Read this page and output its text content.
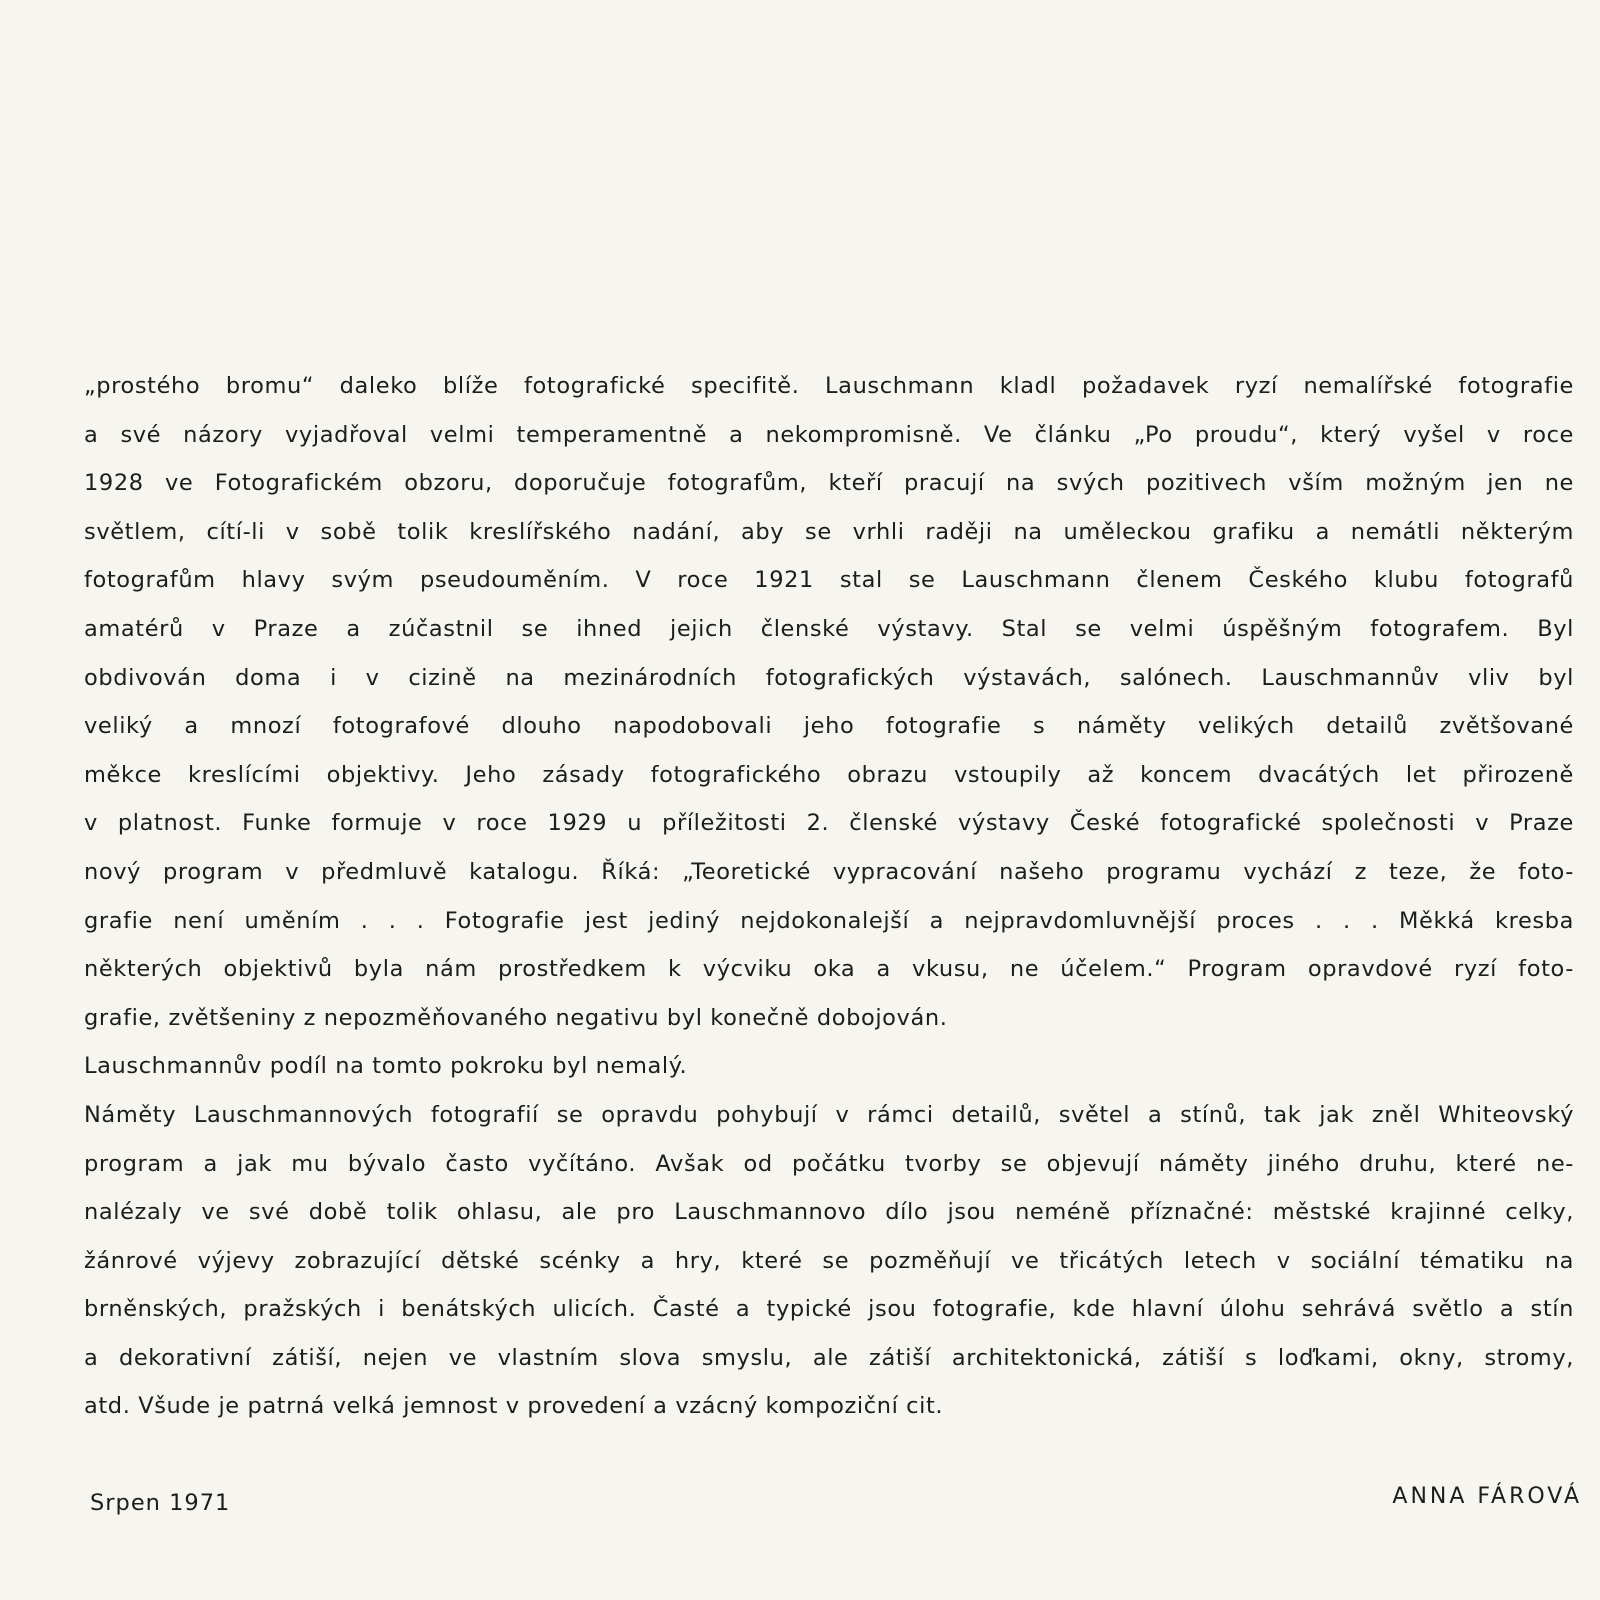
„prostého bromu“ daleko blíže fotografické specifitě. Lauschmann kladl požadavek ryzí nemalířské fotografie
a své názory vyjadřoval velmi temperamentně a nekompromisně. Ve článku „Po proudu“, který vyšel v roce
1928 ve Fotografickém obzoru, doporučuje fotografům, kteří pracují na svých pozitivech vším možným jen ne
světlem, cítí-li v sobě tolik kreslířského nadání, aby se vrhli raději na uměleckou grafiku a nemátli některým
fotografům hlavy svým pseudouměním. V roce 1921 stal se Lauschmann členem Českého klubu fotografů
amatérů v Praze a zúčastnil se ihned jejich členské výstavy. Stal se velmi úspěšným fotografem. Byl
obdivován doma i v cizině na mezinárodních fotografických výstavách, salónech. Lauschmannův vliv byl
veliký a mnozí fotografové dlouho napodobovali jeho fotografie s náměty velikých detailů zvětšované
měkce kreslícími objektivy. Jeho zásady fotografického obrazu vstoupily až koncem dvacátých let přirozeně
v platnost. Funke formuje v roce 1929 u příležitosti 2. členské výstavy České fotografické společnosti v Praze
nový program v předmluvě katalogu. Říká: „Teoretické vypracování našeho programu vychází z teze, že foto-
grafie není uměním . . . Fotografie jest jediný nejdokonalejší a nejpravdomluvnější proces . . . Měkká kresba
některých objektivů byla nám prostředkem k výcviku oka a vkusu, ne účelem.“ Program opravdové ryzí foto-
grafie, zvětšeniny z nepozměňovaného negativu byl konečně dobojován.
Lauschmannův podíl na tomto pokroku byl nemalý.
Náměty Lauschmannových fotografií se opravdu pohybují v rámci detailů, světel a stínů, tak jak zněl Whiteovský
program a jak mu bývalo často vyčítáno. Avšak od počátku tvorby se objevují náměty jiného druhu, které ne-
nalézaly ve své době tolik ohlasu, ale pro Lauschmannovo dílo jsou neméně příznačné: městské krajinné celky,
žánrové výjevy zobrazující dětské scénky a hry, které se pozměňují ve třicátých letech v sociální tématiku na
brněnských, pražských i benátských ulicích. Časté a typické jsou fotografie, kde hlavní úlohu sehrává světlo a stín
a dekorativní zátiší, nejen ve vlastním slova smyslu, ale zátiší architektonická, zátiší s loďkami, okny, stromy,
atd. Všude je patrná velká jemnost v provedení a vzácný kompoziční cit.

Srpen 1971	ANNA FÁROVÁ
